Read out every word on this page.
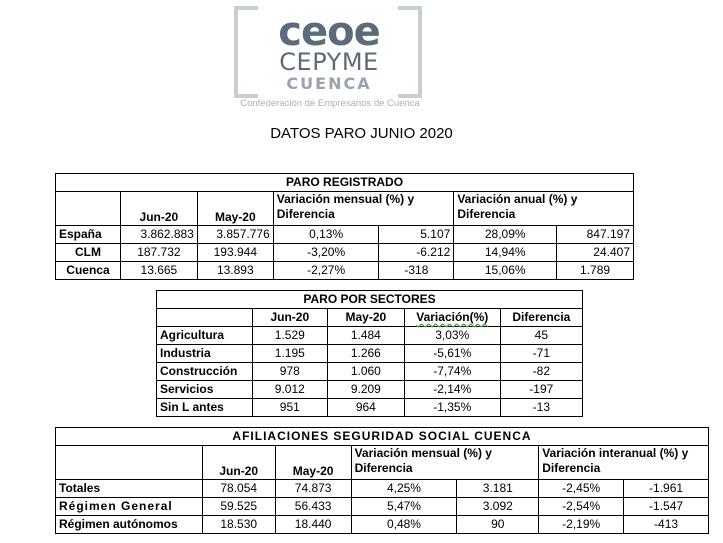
ceoe
CEPYME
CUENCA
Confederación de Empresarios de Cuenca
DATOS PARO JUNIO 2020
PARO REGISTRADO						
	Jun-20	May-20	Variación mensual (%) y Diferencia		Variación anual (%) y Diferencia	
España	3.862.883	3.857.776	0,13%	5.107	28,09%	847.197
CLM	187.732	193.944	-3,20%	-6.212	14,94%	24.407
Cuenca	13.665	13.893	-2,27%	-318	15,06%	1.789
PARO POR SECTORES				
	Jun-20	May-20	Variación(%)	Diferencia
Agricultura	1.529	1.484	3,03%	45
Industria	1.195	1.266	-5,61%	-71
Construcción	978	1.060	-7,74%	-82
Servicios	9.012	9.209	-2,14%	-197
Sin L antes	951	964	-1,35%	-13
AFILIACIONES SEGURIDAD SOCIAL CUENCA						
	Jun-20	May-20	Variación mensual (%) y Diferencia		Variación interanual (%) y Diferencia	
Totales	78.054	74.873	4,25%	3.181	-2,45%	-1.961
Régimen General	59.525	56.433	5,47%	3.092	-2,54%	-1.547
Régimen autónomos	18.530	18.440	0,48%	90	-2,19%	-413
